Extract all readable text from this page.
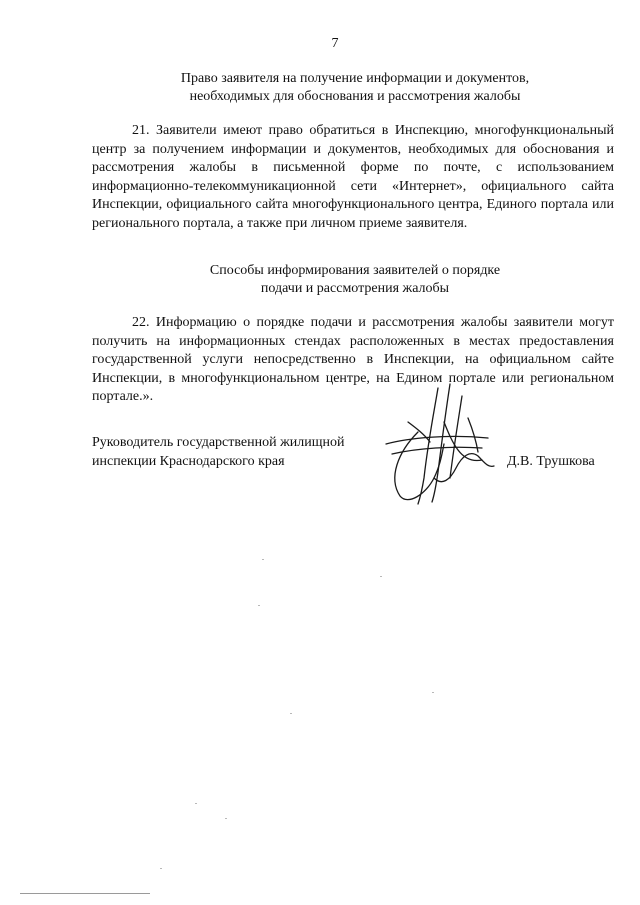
7
Право заявителя на получение информации и документов,
необходимых для обоснования и рассмотрения жалобы

21. Заявители имеют право обратиться в Инспекцию, многофункциональный центр за получением информации и документов, необходимых для обоснования и рассмотрения жалобы в письменной форме по почте, с использованием информационно-телекоммуникационной сети «Интернет», официального сайта Инспекции, официального сайта многофункционального центра, Единого портала или регионального портала, а также при личном приеме заявителя.

Способы информирования заявителей о порядке
подачи и рассмотрения жалобы

22. Информацию о порядке подачи и рассмотрения жалобы заявители могут получить на информационных стендах расположенных в местах предоставления государственной услуги непосредственно в Инспекции, на официальном сайте Инспекции, в многофункциональном центре, на Едином портале или региональном портале.».

Руководитель государственной жилищной
инспекции Краснодарского края	Д.В. Трушкова
